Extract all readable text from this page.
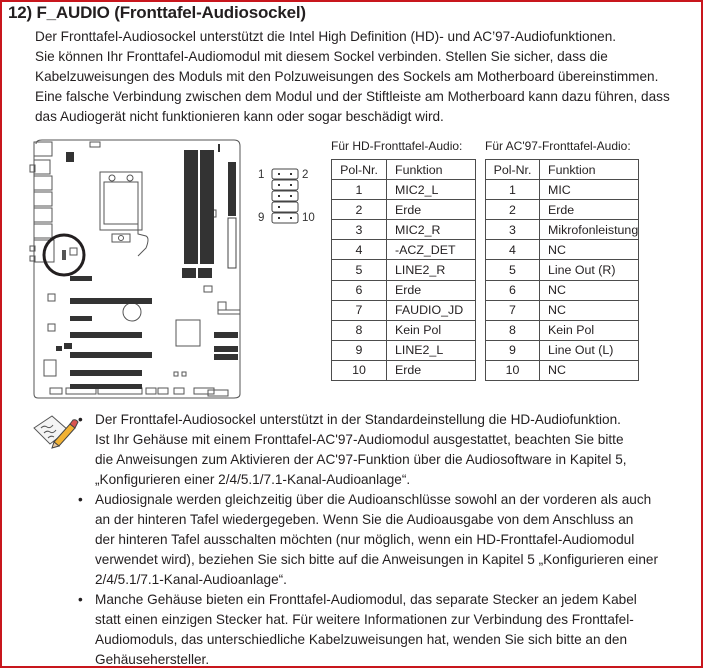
12) F_AUDIO (Fronttafel-Audiosockel)

Der Fronttafel-Audiosockel unterstützt die Intel High Definition (HD)- und AC’97-Audiofunktionen.

Sie können Ihr Fronttafel-Audiomodul mit diesem Sockel verbinden. Stellen Sie sicher, dass die

Kabelzuweisungen des Moduls mit den Polzuweisungen des Sockels am Motherboard übereinstimmen.

Eine falsche Verbindung zwischen dem Modul und der Stiftleiste am Motherboard kann dazu führen, dass

das Audiogerät nicht funktionieren kann oder sogar beschädigt wird.

1	2
9	10
Für HD-Fronttafel-Audio:
Pol-Nr.	Funktion
1	MIC2_L
2	Erde
3	MIC2_R
4	-ACZ_DET
5	LINE2_R
6	Erde
7	FAUDIO_JD
8	Kein Pol
9	LINE2_L
10	Erde
Für AC'97-Fronttafel-Audio:
Pol-Nr.	Funktion
1	MIC
2	Erde
3	Mikrofonleistung
4	NC
5	Line Out (R)
6	NC
7	NC
8	Kein Pol
9	Line Out (L)
10	NC
• Der Fronttafel-Audiosockel unterstützt in der Standardeinstellung die HD-Audiofunktion.

Ist Ihr Gehäuse mit einem Fronttafel-AC'97-Audiomodul ausgestattet, beachten Sie bitte

die Anweisungen zum Aktivieren der AC'97-Funktion über die Audiosoftware in Kapitel 5,

„Konfigurieren einer 2/4/5.1/7.1-Kanal-Audioanlage“.

• Audiosignale werden gleichzeitig über die Audioanschlüsse sowohl an der vorderen als auch

an der hinteren Tafel wiedergegeben. Wenn Sie die Audioausgabe von dem Anschluss an

der hinteren Tafel ausschalten möchten (nur möglich, wenn ein HD-Fronttafel-Audiomodul

verwendet wird), beziehen Sie sich bitte auf die Anweisungen in Kapitel 5 „Konfigurieren einer

2/4/5.1/7.1-Kanal-Audioanlage“.

• Manche Gehäuse bieten ein Fronttafel-Audiomodul, das separate Stecker an jedem Kabel

statt einen einzigen Stecker hat. Für weitere Informationen zur Verbindung des Fronttafel-

Audiomoduls, das unterschiedliche Kabelzuweisungen hat, wenden Sie sich bitte an den

Gehäusehersteller.
